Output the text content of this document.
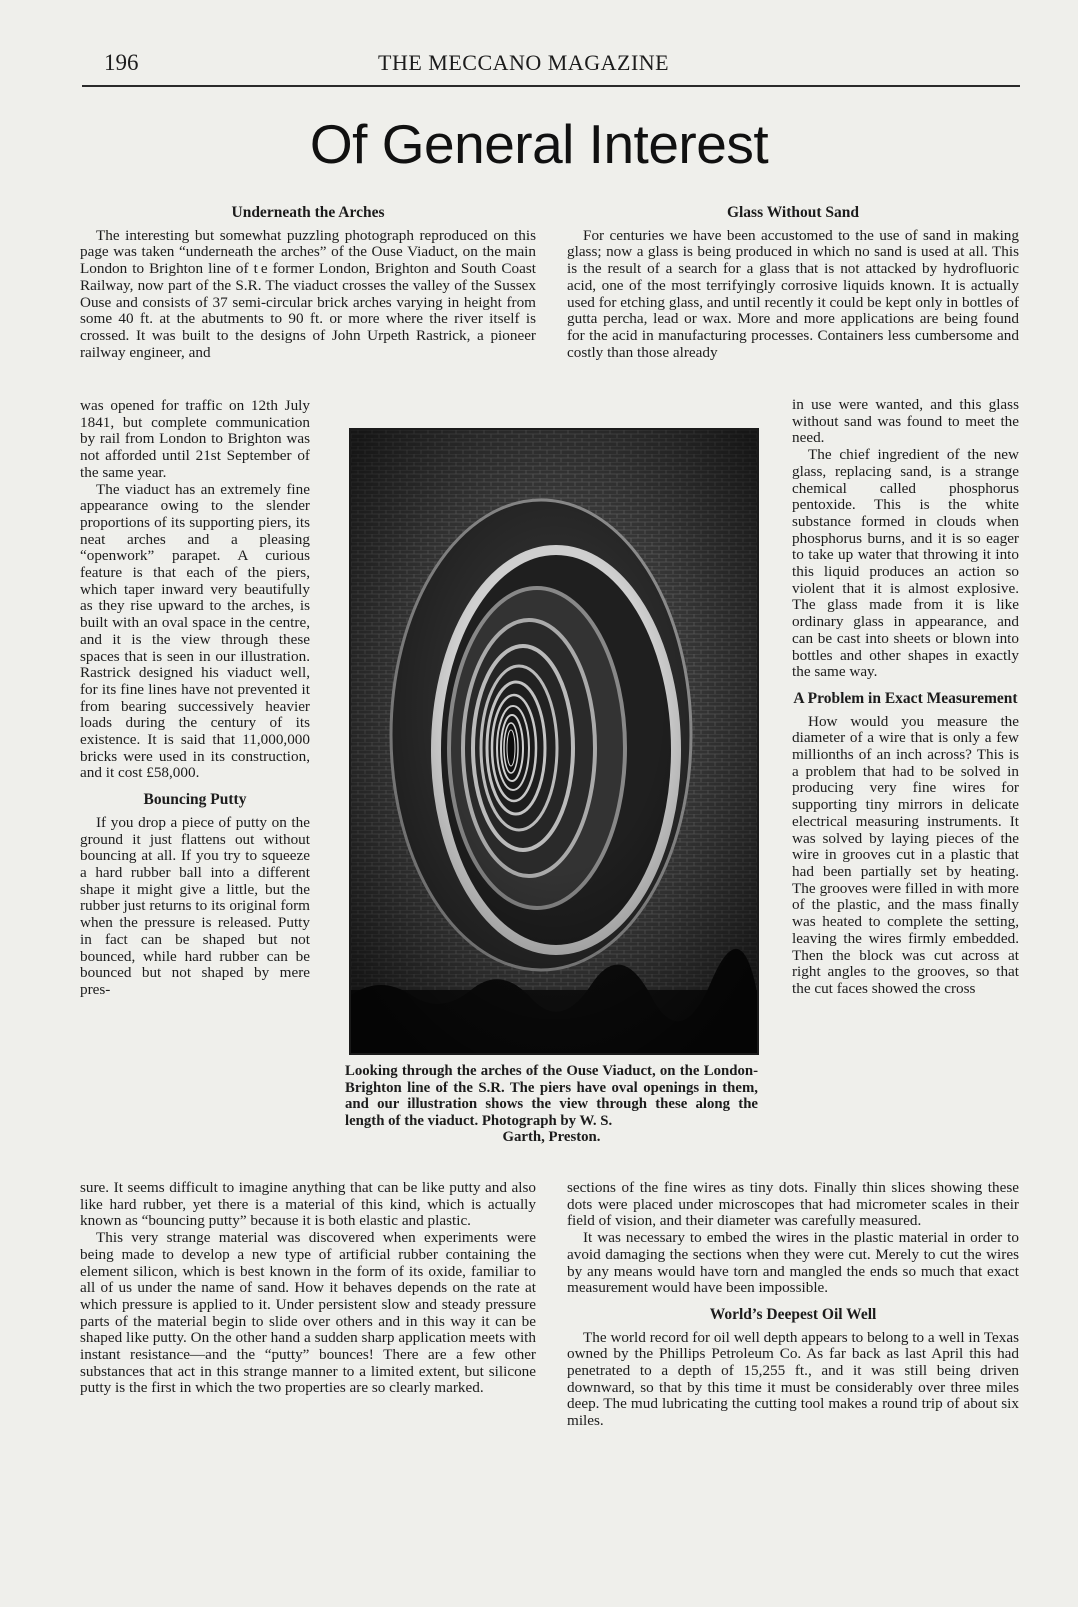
196	THE MECCANO MAGAZINE
Of General Interest

Underneath the Arches

The interesting but somewhat puzzling photograph reproduced on this page was taken “underneath the arches” of the Ouse Viaduct, on the main London to Brighton line of t e former London, Brighton and South Coast Railway, now part of the S.R. The viaduct crosses the valley of the Sussex Ouse and consists of 37 semi-circular brick arches varying in height from some 40 ft. at the abutments to 90 ft. or more where the river itself is crossed. It was built to the designs of John Urpeth Rastrick, a pioneer railway engineer, and

was opened for traffic on 12th July 1841, but complete communication by rail from London to Brighton was not afforded until 21st September of the same year.

The viaduct has an extremely fine appearance owing to the slender proportions of its supporting piers, its neat arches and a pleasing “openwork” parapet. A curious feature is that each of the piers, which taper inward very beautifully as they rise upward to the arches, is built with an oval space in the centre, and it is the view through these spaces that is seen in our illustration. Rastrick designed his viaduct well, for its fine lines have not prevented it from bearing successively heavier loads during the century of its existence. It is said that 11,000,000 bricks were used in its construction, and it cost £58,000.

Bouncing Putty

If you drop a piece of putty on the ground it just flattens out without bouncing at all. If you try to squeeze a hard rubber ball into a different shape it might give a little, but the rubber just returns to its original form when the pressure is released. Putty in fact can be shaped but not bounced, while hard rubber can be bounced but not shaped by mere pres-

sure. It seems difficult to imagine anything that can be like putty and also like hard rubber, yet there is a material of this kind, which is actually known as “bouncing putty” because it is both elastic and plastic.

This very strange material was discovered when experiments were being made to develop a new type of artificial rubber containing the element silicon, which is best known in the form of its oxide, familiar to all of us under the name of sand. How it behaves depends on the rate at which pressure is applied to it. Under persistent slow and steady pressure parts of the material begin to slide over others and in this way it can be shaped like putty. On the other hand a sudden sharp application meets with instant resistance—and the “putty” bounces! There are a few other substances that act in this strange manner to a limited extent, but silicone putty is the first in which the two properties are so clearly marked.

Glass Without Sand

For centuries we have been accustomed to the use of sand in making glass; now a glass is being produced in which no sand is used at all. This is the result of a search for a glass that is not attacked by hydrofluoric acid, one of the most terrifyingly corrosive liquids known. It is actually used for etching glass, and until recently it could be kept only in bottles of gutta percha, lead or wax. More and more applications are being found for the acid in manufacturing processes. Containers less cumbersome and costly than those already

in use were wanted, and this glass without sand was found to meet the need.

The chief ingredient of the new glass, replacing sand, is a strange chemical called phosphorus pentoxide. This is the white substance formed in clouds when phosphorus burns, and it is so eager to take up water that throwing it into this liquid produces an action so violent that it is almost explosive. The glass made from it is like ordinary glass in appearance, and can be cast into sheets or blown into bottles and other shapes in exactly the same way.

A Problem in Exact Measurement

How would you measure the diameter of a wire that is only a few millionths of an inch across? This is a problem that had to be solved in producing very fine wires for supporting tiny mirrors in delicate electrical measuring instruments. It was solved by laying pieces of the wire in grooves cut in a plastic that had been partially set by heating. The grooves were filled in with more of the plastic, and the mass finally was heated to complete the setting, leaving the wires firmly embedded. Then the block was cut across at right angles to the grooves, so that the cut faces showed the cross

sections of the fine wires as tiny dots. Finally thin slices showing these dots were placed under microscopes that had micrometer scales in their field of vision, and their diameter was carefully measured.

It was necessary to embed the wires in the plastic material in order to avoid damaging the sections when they were cut. Merely to cut the wires by any means would have torn and mangled the ends so much that exact measurement would have been impossible.

World’s Deepest Oil Well

The world record for oil well depth appears to belong to a well in Texas owned by the Phillips Petroleum Co. As far back as last April this had penetrated to a depth of 15,255 ft., and it was still being driven downward, so that by this time it must be considerably over three miles deep. The mud lubricating the cutting tool makes a round trip of about six miles.

Looking through the arches of the Ouse Viaduct, on the London-Brighton line of the S.R. The piers have oval openings in them, and our illustration shows the view through these along the length of the viaduct. Photograph by W. S.
Garth, Preston.
